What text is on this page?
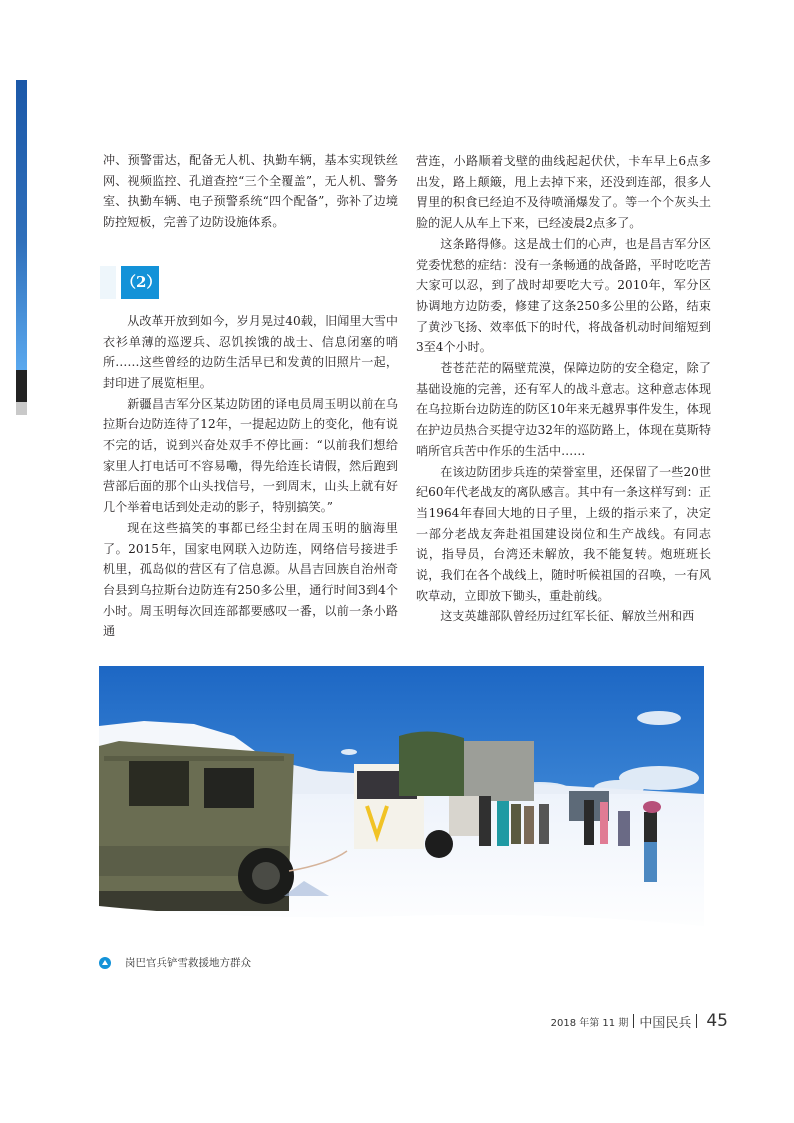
冲、预警雷达，配备无人机、执勤车辆，基本实现铁丝网、视频监控、孔道查控“三个全覆盖”，无人机、警务室、执勤车辆、电子预警系统“四个配备”，弥补了边境防控短板，完善了边防设施体系。

（2）

从改革开放到如今，岁月晃过40载，旧闻里大雪中衣衫单薄的巡逻兵、忍饥挨饿的战士、信息闭塞的哨所……这些曾经的边防生活早已和发黄的旧照片一起，封印进了展览柜里。

新疆昌吉军分区某边防团的译电员周玉明以前在乌拉斯台边防连待了12年，一提起边防上的变化，他有说不完的话，说到兴奋处双手不停比画：“以前我们想给家里人打电话可不容易嘞，得先给连长请假，然后跑到营部后面的那个山头找信号，一到周末，山头上就有好几个举着电话到处走动的影子，特别搞笑。”

现在这些搞笑的事都已经尘封在周玉明的脑海里了。2015年，国家电网联入边防连，网络信号接进手机里，孤岛似的营区有了信息源。从昌吉回族自治州奇台县到乌拉斯台边防连有250多公里，通行时间3到4个小时。周玉明每次回连部都要感叹一番，以前一条小路通

营连，小路顺着戈壁的曲线起起伏伏，卡车早上6点多出发，路上颠簸，甩上去掉下来，还没到连部，很多人胃里的积食已经迫不及待喷涌爆发了。等一个个灰头土脸的泥人从车上下来，已经凌晨2点多了。

这条路得修。这是战士们的心声，也是昌吉军分区党委忧愁的症结：没有一条畅通的战备路，平时吃吃苦大家可以忍，到了战时却要吃大亏。2010年，军分区协调地方边防委，修建了这条250多公里的公路，结束了黄沙飞扬、效率低下的时代，将战备机动时间缩短到3至4个小时。

苍苍茫茫的隔壁荒漠，保障边防的安全稳定，除了基础设施的完善，还有军人的战斗意志。这种意志体现在乌拉斯台边防连的防区10年来无越界事件发生，体现在护边员热合买提守边32年的巡防路上，体现在莫斯特哨所官兵苦中作乐的生活中……

在该边防团步兵连的荣誉室里，还保留了一些20世纪60年代老战友的离队感言。其中有一条这样写到：正当1964年春回大地的日子里，上级的指示来了，决定一部分老战友奔赴祖国建设岗位和生产战线。有同志说，指导员，台湾还未解放，我不能复转。炮班班长说，我们在各个战线上，随时听候祖国的召唤，一有风吹草动，立即放下锄头，重赴前线。

这支英雄部队曾经历过红军长征、解放兰州和西

岗巴官兵铲雪救援地方群众
2018 年第 11 期 中国民兵 45
